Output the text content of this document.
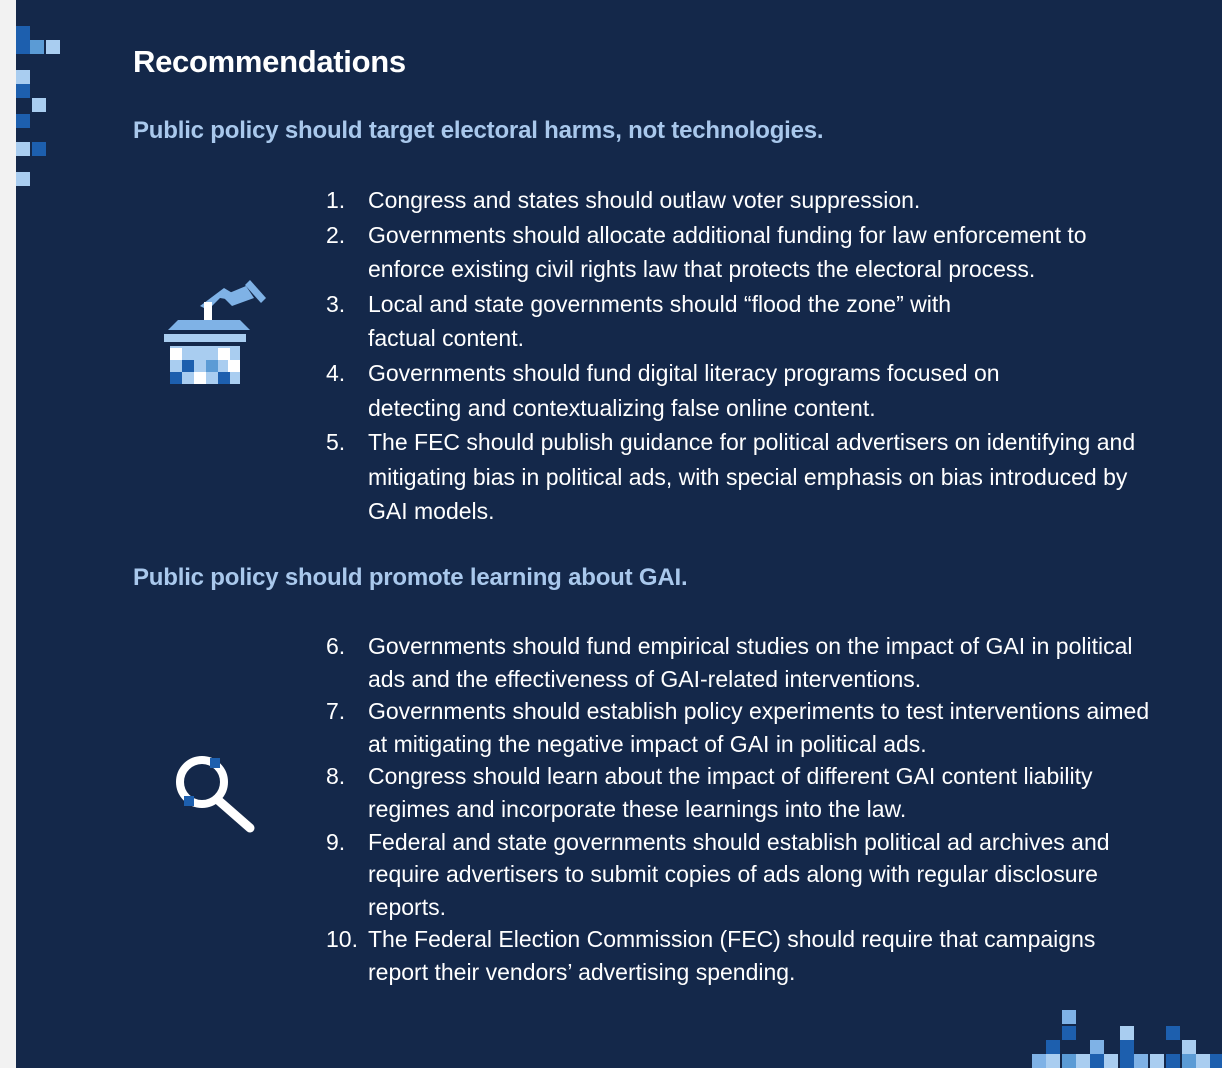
Recommendations
Public policy should target electoral harms, not technologies.
1. Congress and states should outlaw voter suppression.
2. Governments should allocate additional funding for law enforcement to enforce existing civil rights law that protects the electoral process.
3. Local and state governments should “flood the zone” with factual content.
4. Governments should fund digital literacy programs focused on detecting and contextualizing false online content.
5. The FEC should publish guidance for political advertisers on identifying and mitigating bias in political ads, with special emphasis on bias introduced by GAI models.
Public policy should promote learning about GAI.
6. Governments should fund empirical studies on the impact of GAI in political ads and the effectiveness of GAI-related interventions.
7. Governments should establish policy experiments to test interventions aimed at mitigating the negative impact of GAI in political ads.
8. Congress should learn about the impact of different GAI content liability regimes and incorporate these learnings into the law.
9. Federal and state governments should establish political ad archives and require advertisers to submit copies of ads along with regular disclosure reports.
10. The Federal Election Commission (FEC) should require that campaigns report their vendors’ advertising spending.
